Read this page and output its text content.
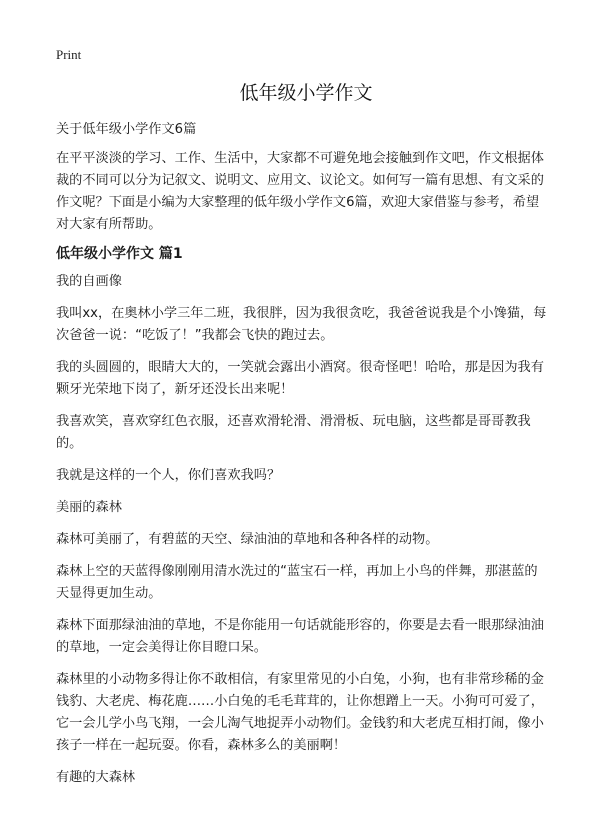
Print
低年级小学作文

关于低年级小学作文6篇

在平平淡淡的学习、工作、生活中，大家都不可避免地会接触到作文吧，作文根据体裁的不同可以分为记叙文、说明文、应用文、议论文。如何写一篇有思想、有文采的作文呢？下面是小编为大家整理的低年级小学作文6篇，欢迎大家借鉴与参考，希望对大家有所帮助。

低年级小学作文 篇1

我的自画像

我叫xx，在奥林小学三年二班，我很胖，因为我很贪吃，我爸爸说我是个小馋猫，每次爸爸一说：“吃饭了！”我都会飞快的跑过去。

我的头圆圆的，眼睛大大的，一笑就会露出小酒窝。很奇怪吧！哈哈，那是因为我有颗牙光荣地下岗了，新牙还没长出来呢！

我喜欢笑，喜欢穿红色衣服，还喜欢滑轮滑、滑滑板、玩电脑，这些都是哥哥教我的。

我就是这样的一个人，你们喜欢我吗？

美丽的森林

森林可美丽了，有碧蓝的天空、绿油油的草地和各种各样的动物。

森林上空的天蓝得像刚刚用清水洗过的“蓝宝石一样，再加上小鸟的伴舞，那湛蓝的天显得更加生动。

森林下面那绿油油的草地，不是你能用一句话就能形容的，你要是去看一眼那绿油油的草地，一定会美得让你目瞪口呆。

森林里的小动物多得让你不敢相信，有家里常见的小白兔，小狗，也有非常珍稀的金钱豹、大老虎、梅花鹿……小白兔的毛毛茸茸的，让你想蹭上一天。小狗可可爱了，它一会儿学小鸟飞翔，一会儿淘气地捉弄小动物们。金钱豹和大老虎互相打闹，像小孩子一样在一起玩耍。你看，森林多么的美丽啊！

有趣的大森林
